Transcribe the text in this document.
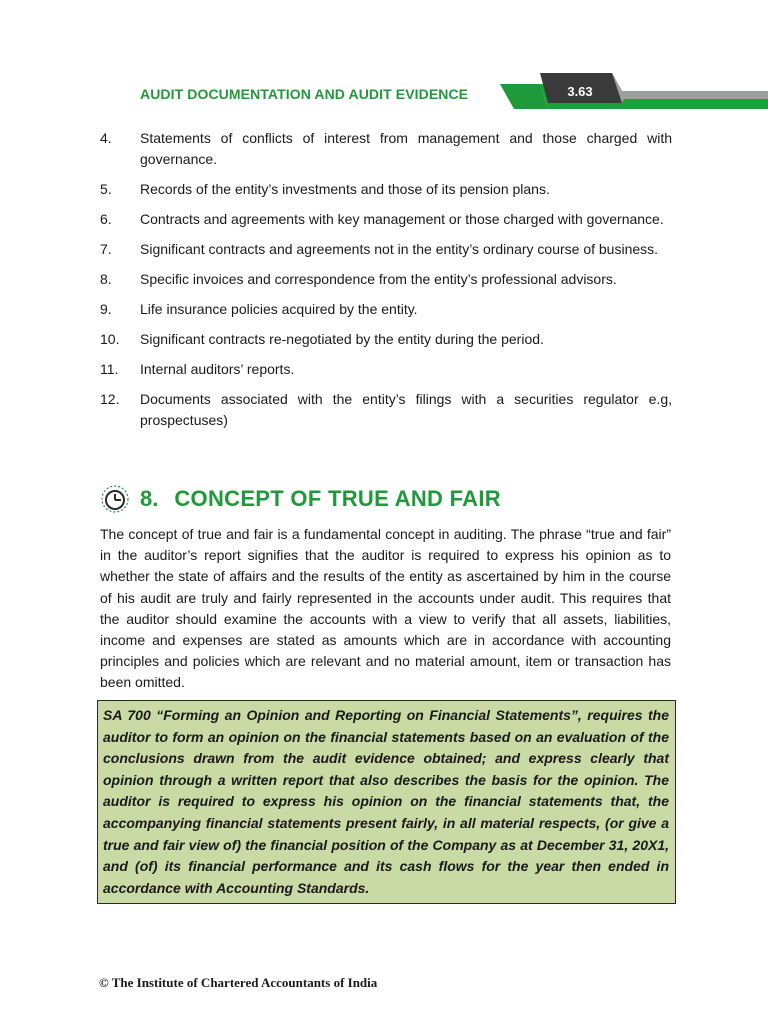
AUDIT DOCUMENTATION AND AUDIT EVIDENCE	3.63
4.	Statements of conflicts of interest from management and those charged with governance.
5.	Records of the entity’s investments and those of its pension plans.
6.	Contracts and agreements with key management or those charged with governance.
7.	Significant contracts and agreements not in the entity’s ordinary course of business.
8.	Specific invoices and correspondence from the entity’s professional advisors.
9.	Life insurance policies acquired by the entity.
10.	Significant contracts re-negotiated by the entity during the period.
11.	Internal auditors’ reports.
12.	Documents associated with the entity’s filings with a securities regulator e.g, prospectuses)
8. CONCEPT OF TRUE AND FAIR
The concept of true and fair is a fundamental concept in auditing. The phrase “true and fair” in the auditor’s report signifies that the auditor is required to express his opinion as to whether the state of affairs and the results of the entity as ascertained by him in the course of his audit are truly and fairly represented in the accounts under audit. This requires that the auditor should examine the accounts with a view to verify that all assets, liabilities, income and expenses are stated as amounts which are in accordance with accounting principles and policies which are relevant and no material amount, item or transaction has been omitted.
SA 700 “Forming an Opinion and Reporting on Financial Statements”, requires the auditor to form an opinion on the financial statements based on an evaluation of the conclusions drawn from the audit evidence obtained; and express clearly that opinion through a written report that also describes the basis for the opinion. The auditor is required to express his opinion on the financial statements that, the accompanying financial statements present fairly, in all material respects, (or give a true and fair view of) the financial position of the Company as at December 31, 20X1, and (of) its financial performance and its cash flows for the year then ended in accordance with Accounting Standards.
© The Institute of Chartered Accountants of India
